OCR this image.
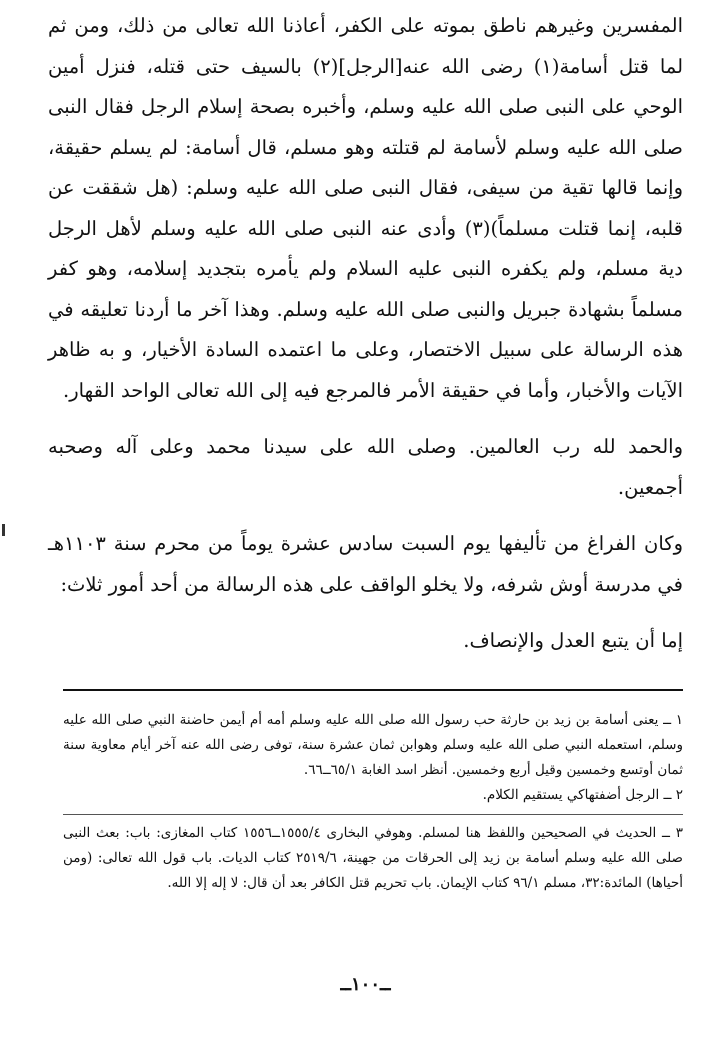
المفسرين وغيرهم ناطق بموته على الكفر، أعاذنا الله تعالى من ذلك، ومن ثم لما قتل أسامة(١) رضى الله عنه[الرجل](٢) بالسيف حتى قتله، فنزل أمين الوحي على النبى صلى الله عليه وسلم، وأخبره بصحة إسلام الرجل فقال النبى صلى الله عليه وسلم لأسامة لم قتلته وهو مسلم، قال أسامة: لم يسلم حقيقة، وإنما قالها تقية من سيفى، فقال النبى صلى الله عليه وسلم: (هل شققت عن قلبه، إنما قتلت مسلماً)(٣) وأدى عنه النبى صلى الله عليه وسلم لأهل الرجل دية مسلم، ولم يكفره النبى عليه السلام ولم يأمره بتجديد إسلامه، وهو كفر مسلماً بشهادة جبريل والنبى صلى الله عليه وسلم. وهذا آخر ما أردنا تعليقه في هذه الرسالة على سبيل الاختصار، وعلى ما اعتمده السادة الأخيار، و به ظاهر الآيات والأخبار، وأما في حقيقة الأمر فالمرجع فيه إلى الله تعالى الواحد القهار.

والحمد لله رب العالمين. وصلى الله على سيدنا محمد وعلى آله وصحبه أجمعين.

وكان الفراغ من تأليفها يوم السبت سادس عشرة يوماً من محرم سنة ١١٠٣هـ في مدرسة أوش شرفه، ولا يخلو الواقف على هذه الرسالة من أحد أمور ثلاث:

إما أن يتبع العدل والإنصاف.

١ ــ يعنى أسامة بن زيد بن حارثة حب رسول الله صلى الله عليه وسلم أمه أم أيمن حاضنة النبي صلى الله عليه وسلم، استعمله النبي صلى الله عليه وسلم وهوابن ثمان عشرة سنة، توفى رضى الله عنه آخر أيام معاوية سنة ثمان أوتسع وخمسين وقيل أربع وخمسين. أنظر اسد الغابة ٦٥/١ــ٦٦.

٢ ــ الرجل أضفتهاكي يستقيم الكلام.

٣ ــ الحديث في الصحيحين واللفظ هنا لمسلم. وهوفي البخارى ١٥٥٥/٤ــ١٥٥٦ كتاب المغازى: باب: بعث النبى صلى الله عليه وسلم أسامة بن زيد إلى الحرقات من جهينة، ٢٥١٩/٦ كتاب الديات. باب قول الله تعالى: (ومن أحياها) المائدة:٣٢، مسلم ٩٦/١ كتاب الإيمان. باب تحريم قتل الكافر بعد أن قال: لا إله إلا الله.

ــ١٠٠ــ
